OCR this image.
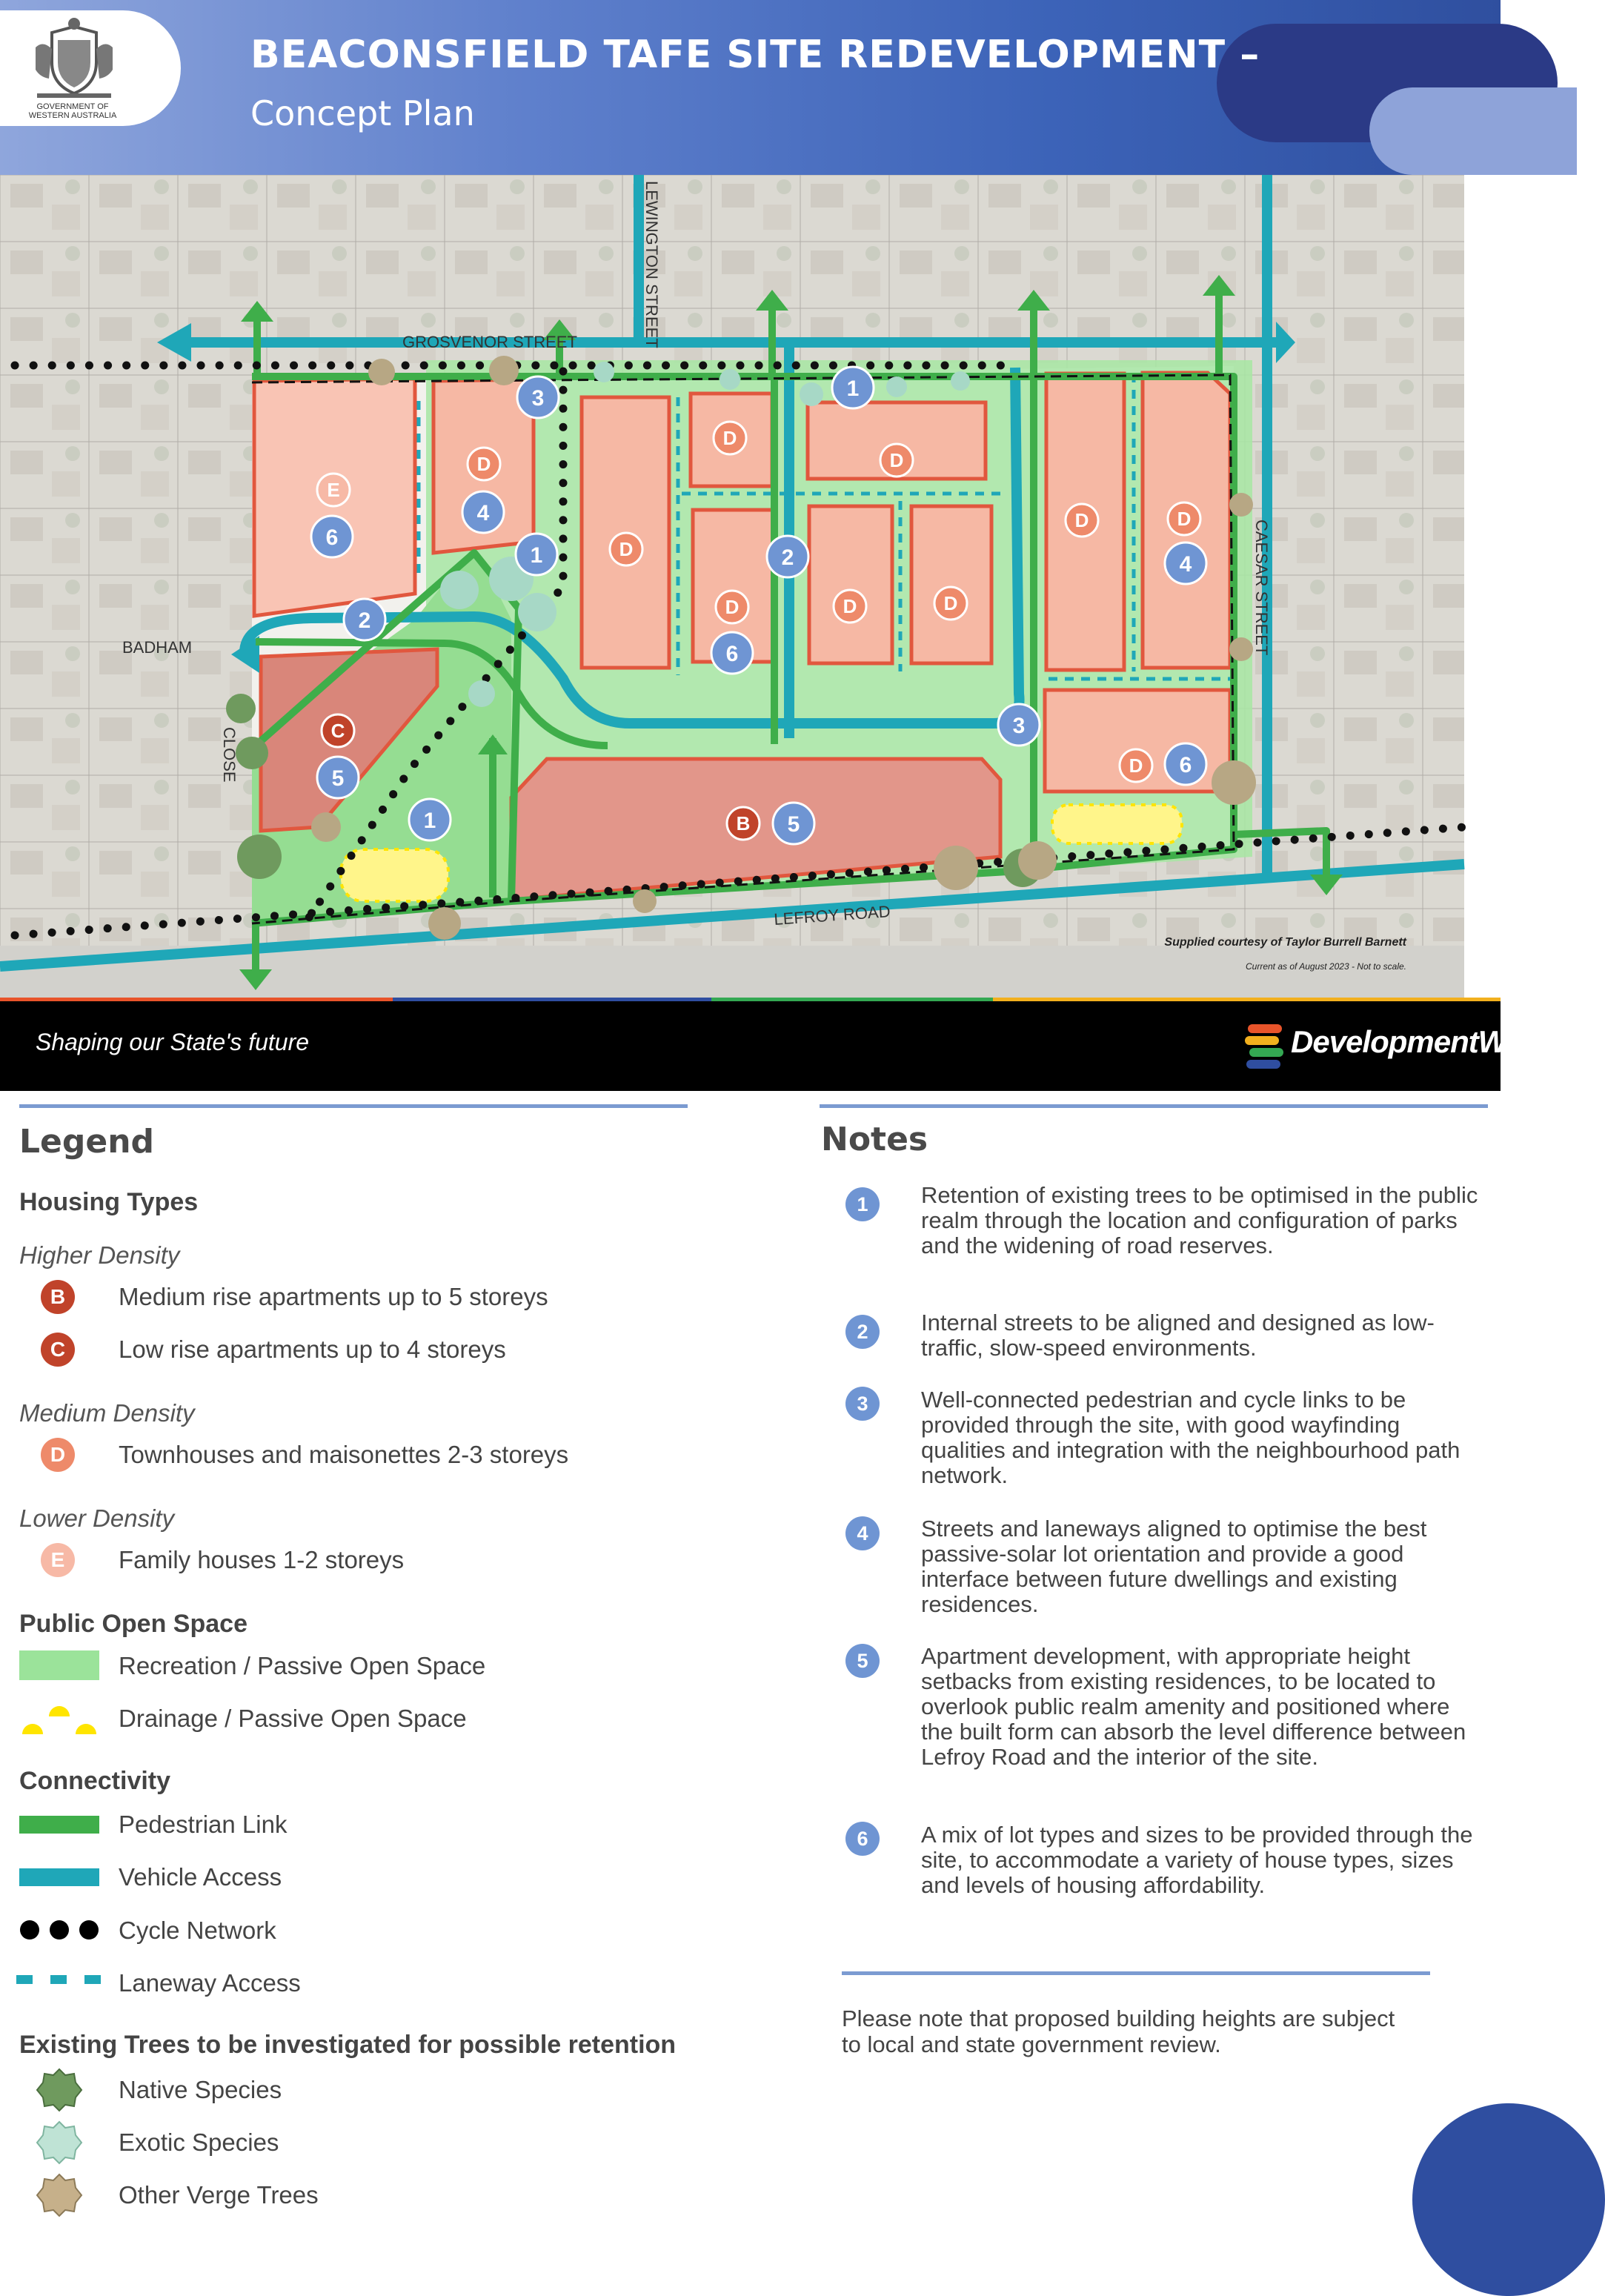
GOVERNMENT OF
WESTERN AUSTRALIA
BEACONSFIELD TAFE SITE REDEVELOPMENT –
Concept Plan
E
D
D
D
D
D	D	D
D	D
D
C
B
3	1
6
4
1
2
2
6
4
3
6
5
1	5
GROSVENOR STREET	LEWINGTON STREET
CAESAR STREET
BADHAM
CLOSE
LEFROY ROAD
Supplied courtesy of Taylor Burrell Barnett
Current as of August 2023 - Not to scale.
Shaping our State's future	DevelopmentWA
Legend
Housing Types
Higher Density
B	Medium rise apartments up to 5 storeys
C	Low rise apartments up to 4 storeys
Medium Density
D	Townhouses and maisonettes 2-3 storeys
Lower Density
E	Family houses 1-2 storeys
Public Open Space
Recreation / Passive Open Space
Drainage / Passive Open Space
Connectivity
Pedestrian Link
Vehicle Access
Cycle Network
Laneway Access
Existing Trees to be investigated for possible retention
Native Species
Exotic Species
Other Verge Trees
Notes
1	Retention of existing trees to be optimised in the public realm through the location and configuration of parks and the widening of road reserves.
2	Internal streets to be aligned and designed as low-traffic, slow-speed environments.
3	Well-connected pedestrian and cycle links to be provided through the site, with good wayfinding qualities and integration with the neighbourhood path network.
4	Streets and laneways aligned to optimise the best passive-solar lot orientation and provide a good interface between future dwellings and existing residences.
5	Apartment development, with appropriate height setbacks from existing residences, to be located to overlook public realm amenity and positioned where the built form can absorb the level difference between Lefroy Road and the interior of the site.
6	A mix of lot types and sizes to be provided through the site, to accommodate a variety of house types, sizes and levels of housing affordability.
Please note that proposed building heights are subject to local and state government review.
